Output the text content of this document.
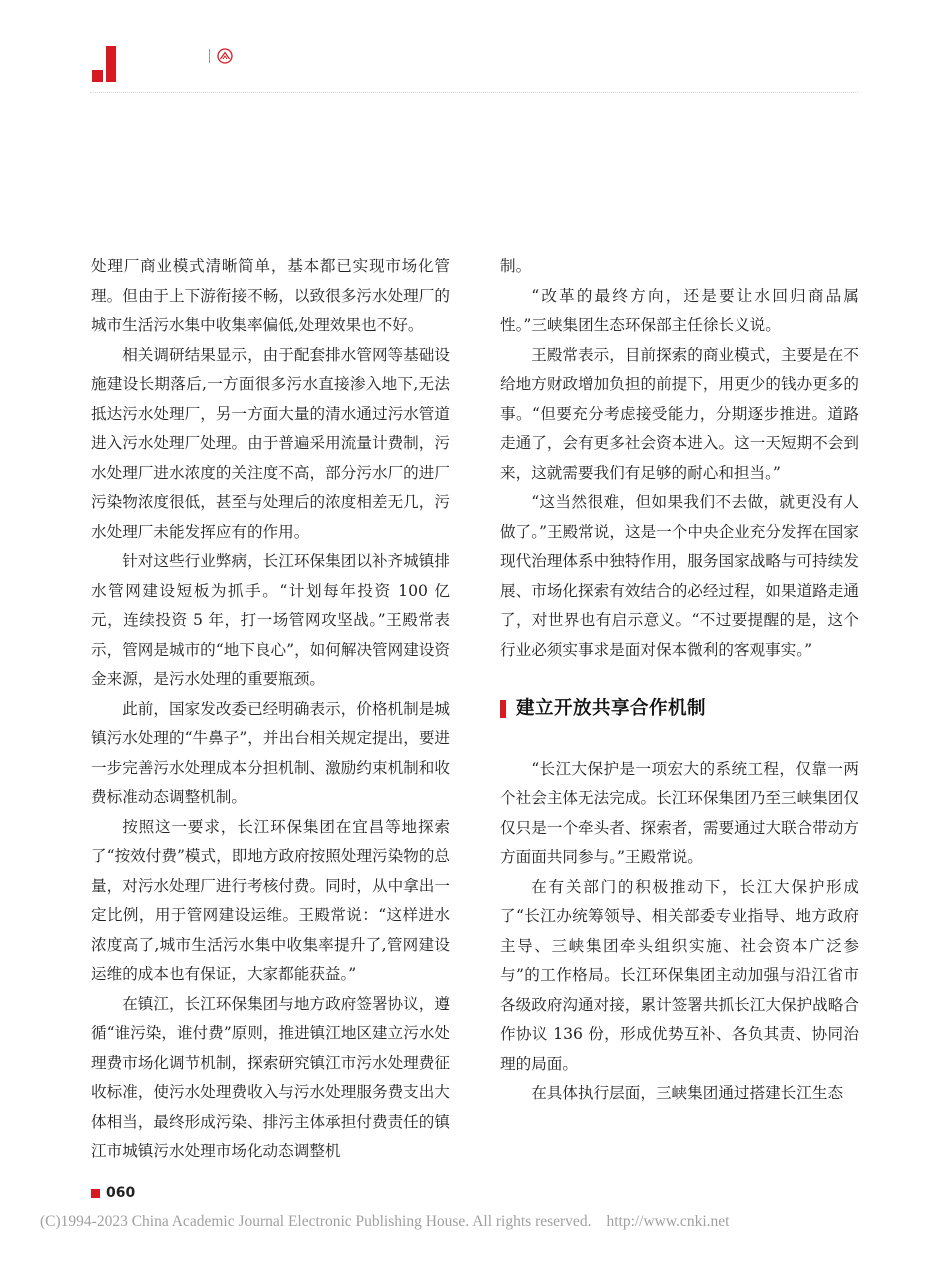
处理厂商业模式清晰简单，基本都已实现市场化管理。但由于上下游衔接不畅，以致很多污水处理厂的城市生活污水集中收集率偏低,处理效果也不好。

相关调研结果显示，由于配套排水管网等基础设施建设长期落后,一方面很多污水直接渗入地下,无法抵达污水处理厂，另一方面大量的清水通过污水管道进入污水处理厂处理。由于普遍采用流量计费制，污水处理厂进水浓度的关注度不高，部分污水厂的进厂污染物浓度很低，甚至与处理后的浓度相差无几，污水处理厂未能发挥应有的作用。

针对这些行业弊病，长江环保集团以补齐城镇排水管网建设短板为抓手。“计划每年投资 100 亿元，连续投资 5 年，打一场管网攻坚战。”王殿常表示，管网是城市的“地下良心”，如何解决管网建设资金来源，是污水处理的重要瓶颈。

此前，国家发改委已经明确表示，价格机制是城镇污水处理的“牛鼻子”，并出台相关规定提出，要进一步完善污水处理成本分担机制、激励约束机制和收费标准动态调整机制。

按照这一要求，长江环保集团在宜昌等地探索了“按效付费”模式，即地方政府按照处理污染物的总量，对污水处理厂进行考核付费。同时，从中拿出一定比例，用于管网建设运维。王殿常说：“这样进水浓度高了,城市生活污水集中收集率提升了,管网建设运维的成本也有保证，大家都能获益。”

在镇江，长江环保集团与地方政府签署协议，遵循“谁污染，谁付费”原则，推进镇江地区建立污水处理费市场化调节机制，探索研究镇江市污水处理费征收标准，使污水处理费收入与污水处理服务费支出大体相当，最终形成污染、排污主体承担付费责任的镇江市城镇污水处理市场化动态调整机

制。

“改革的最终方向，还是要让水回归商品属性。”三峡集团生态环保部主任徐长义说。

王殿常表示，目前探索的商业模式，主要是在不给地方财政增加负担的前提下，用更少的钱办更多的事。“但要充分考虑接受能力，分期逐步推进。道路走通了，会有更多社会资本进入。这一天短期不会到来，这就需要我们有足够的耐心和担当。”

“这当然很难，但如果我们不去做，就更没有人做了。”王殿常说，这是一个中央企业充分发挥在国家现代治理体系中独特作用，服务国家战略与可持续发展、市场化探索有效结合的必经过程，如果道路走通了，对世界也有启示意义。“不过要提醒的是，这个行业必须实事求是面对保本微利的客观事实。”

建立开放共享合作机制

“长江大保护是一项宏大的系统工程，仅靠一两个社会主体无法完成。长江环保集团乃至三峡集团仅仅只是一个牵头者、探索者，需要通过大联合带动方方面面共同参与。”王殿常说。

在有关部门的积极推动下，长江大保护形成了“长江办统筹领导、相关部委专业指导、地方政府主导、三峡集团牵头组织实施、社会资本广泛参与”的工作格局。长江环保集团主动加强与沿江省市各级政府沟通对接，累计签署共抓长江大保护战略合作协议 136 份，形成优势互补、各负其责、协同治理的局面。

在具体执行层面，三峡集团通过搭建长江生态

060
(C)1994-2023 China Academic Journal Electronic Publishing House. All rights reserved. http://www.cnki.net
